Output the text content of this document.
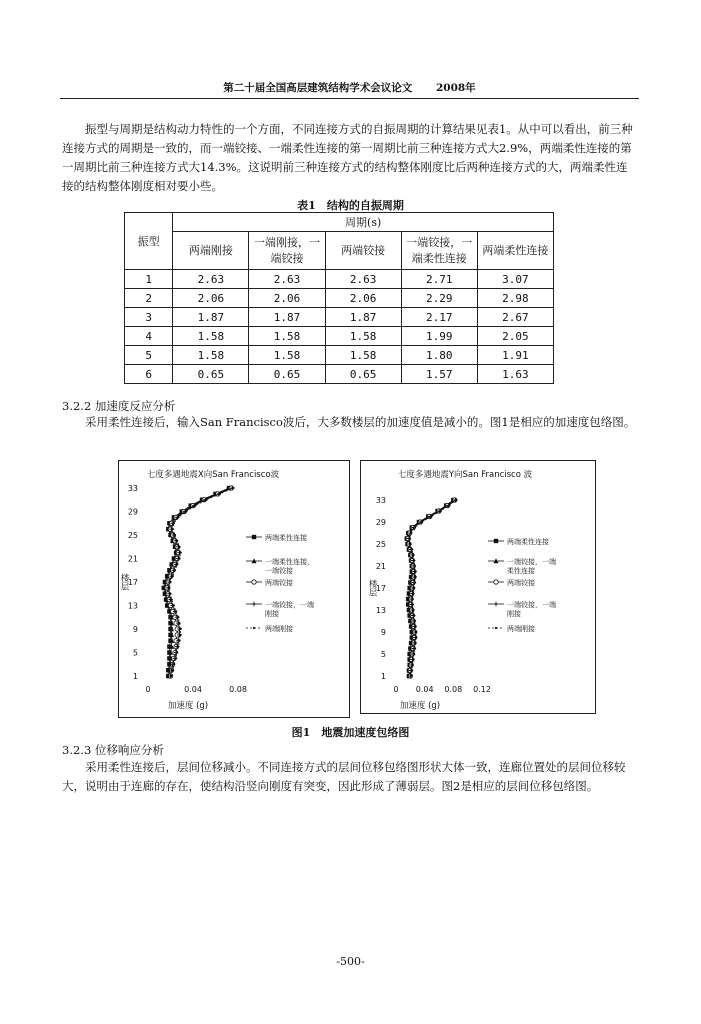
第二十届全国高层建筑结构学术会议论文 2008年
振型与周期是结构动力特性的一个方面，不同连接方式的自振周期的计算结果见表1。从中可以看出，前三种连接方式的周期是一致的，而一端铰接、一端柔性连接的第一周期比前三种连接方式大2.9%，两端柔性连接的第一周期比前三种连接方式大14.3%。这说明前三种连接方式的结构整体刚度比后两种连接方式的大，两端柔性连接的结构整体刚度相对要小些。
表1　结构的自振周期
振型	周期(s)				
	两端刚接	一端刚接，一端铰接	两端铰接	一端铰接，一端柔性连接	两端柔性连接
1	2.63	2.63	2.63	2.71	3.07
2	2.06	2.06	2.06	2.29	2.98
3	1.87	1.87	1.87	2.17	2.67
4	1.58	1.58	1.58	1.99	2.05
5	1.58	1.58	1.58	1.80	1.91
6	0.65	0.65	0.65	1.57	1.63
3.2.2 加速度反应分析
采用柔性连接后，输入San Francisco波后，大多数楼层的加速度值是减小的。图1是相应的加速度包络图。
七度多遇地震X向San Francisco波
1
5
9
13
17
21
25
29
33
0	0.04	0.08
加速度 (g)
楼层
两端柔性连接
一端柔性连接，一端铰接
两端铰接
一端铰接，一端刚接
两端刚接
七度多遇地震Y向San Francisco 波
1
5
9
13
17
21
25
29
33
0 0.04 0.08 0.12
加速度 (g)
楼层
两端柔性连接
一端铰接，一端柔性连接
两端铰接
一端铰接，一端刚接
两端刚接
图1　地震加速度包络图
3.2.3 位移响应分析
采用柔性连接后，层间位移减小。不同连接方式的层间位移包络图形状大体一致，连廊位置处的层间位移较大，说明由于连廊的存在，使结构沿竖向刚度有突变，因此形成了薄弱层。图2是相应的层间位移包络图。
-500-
